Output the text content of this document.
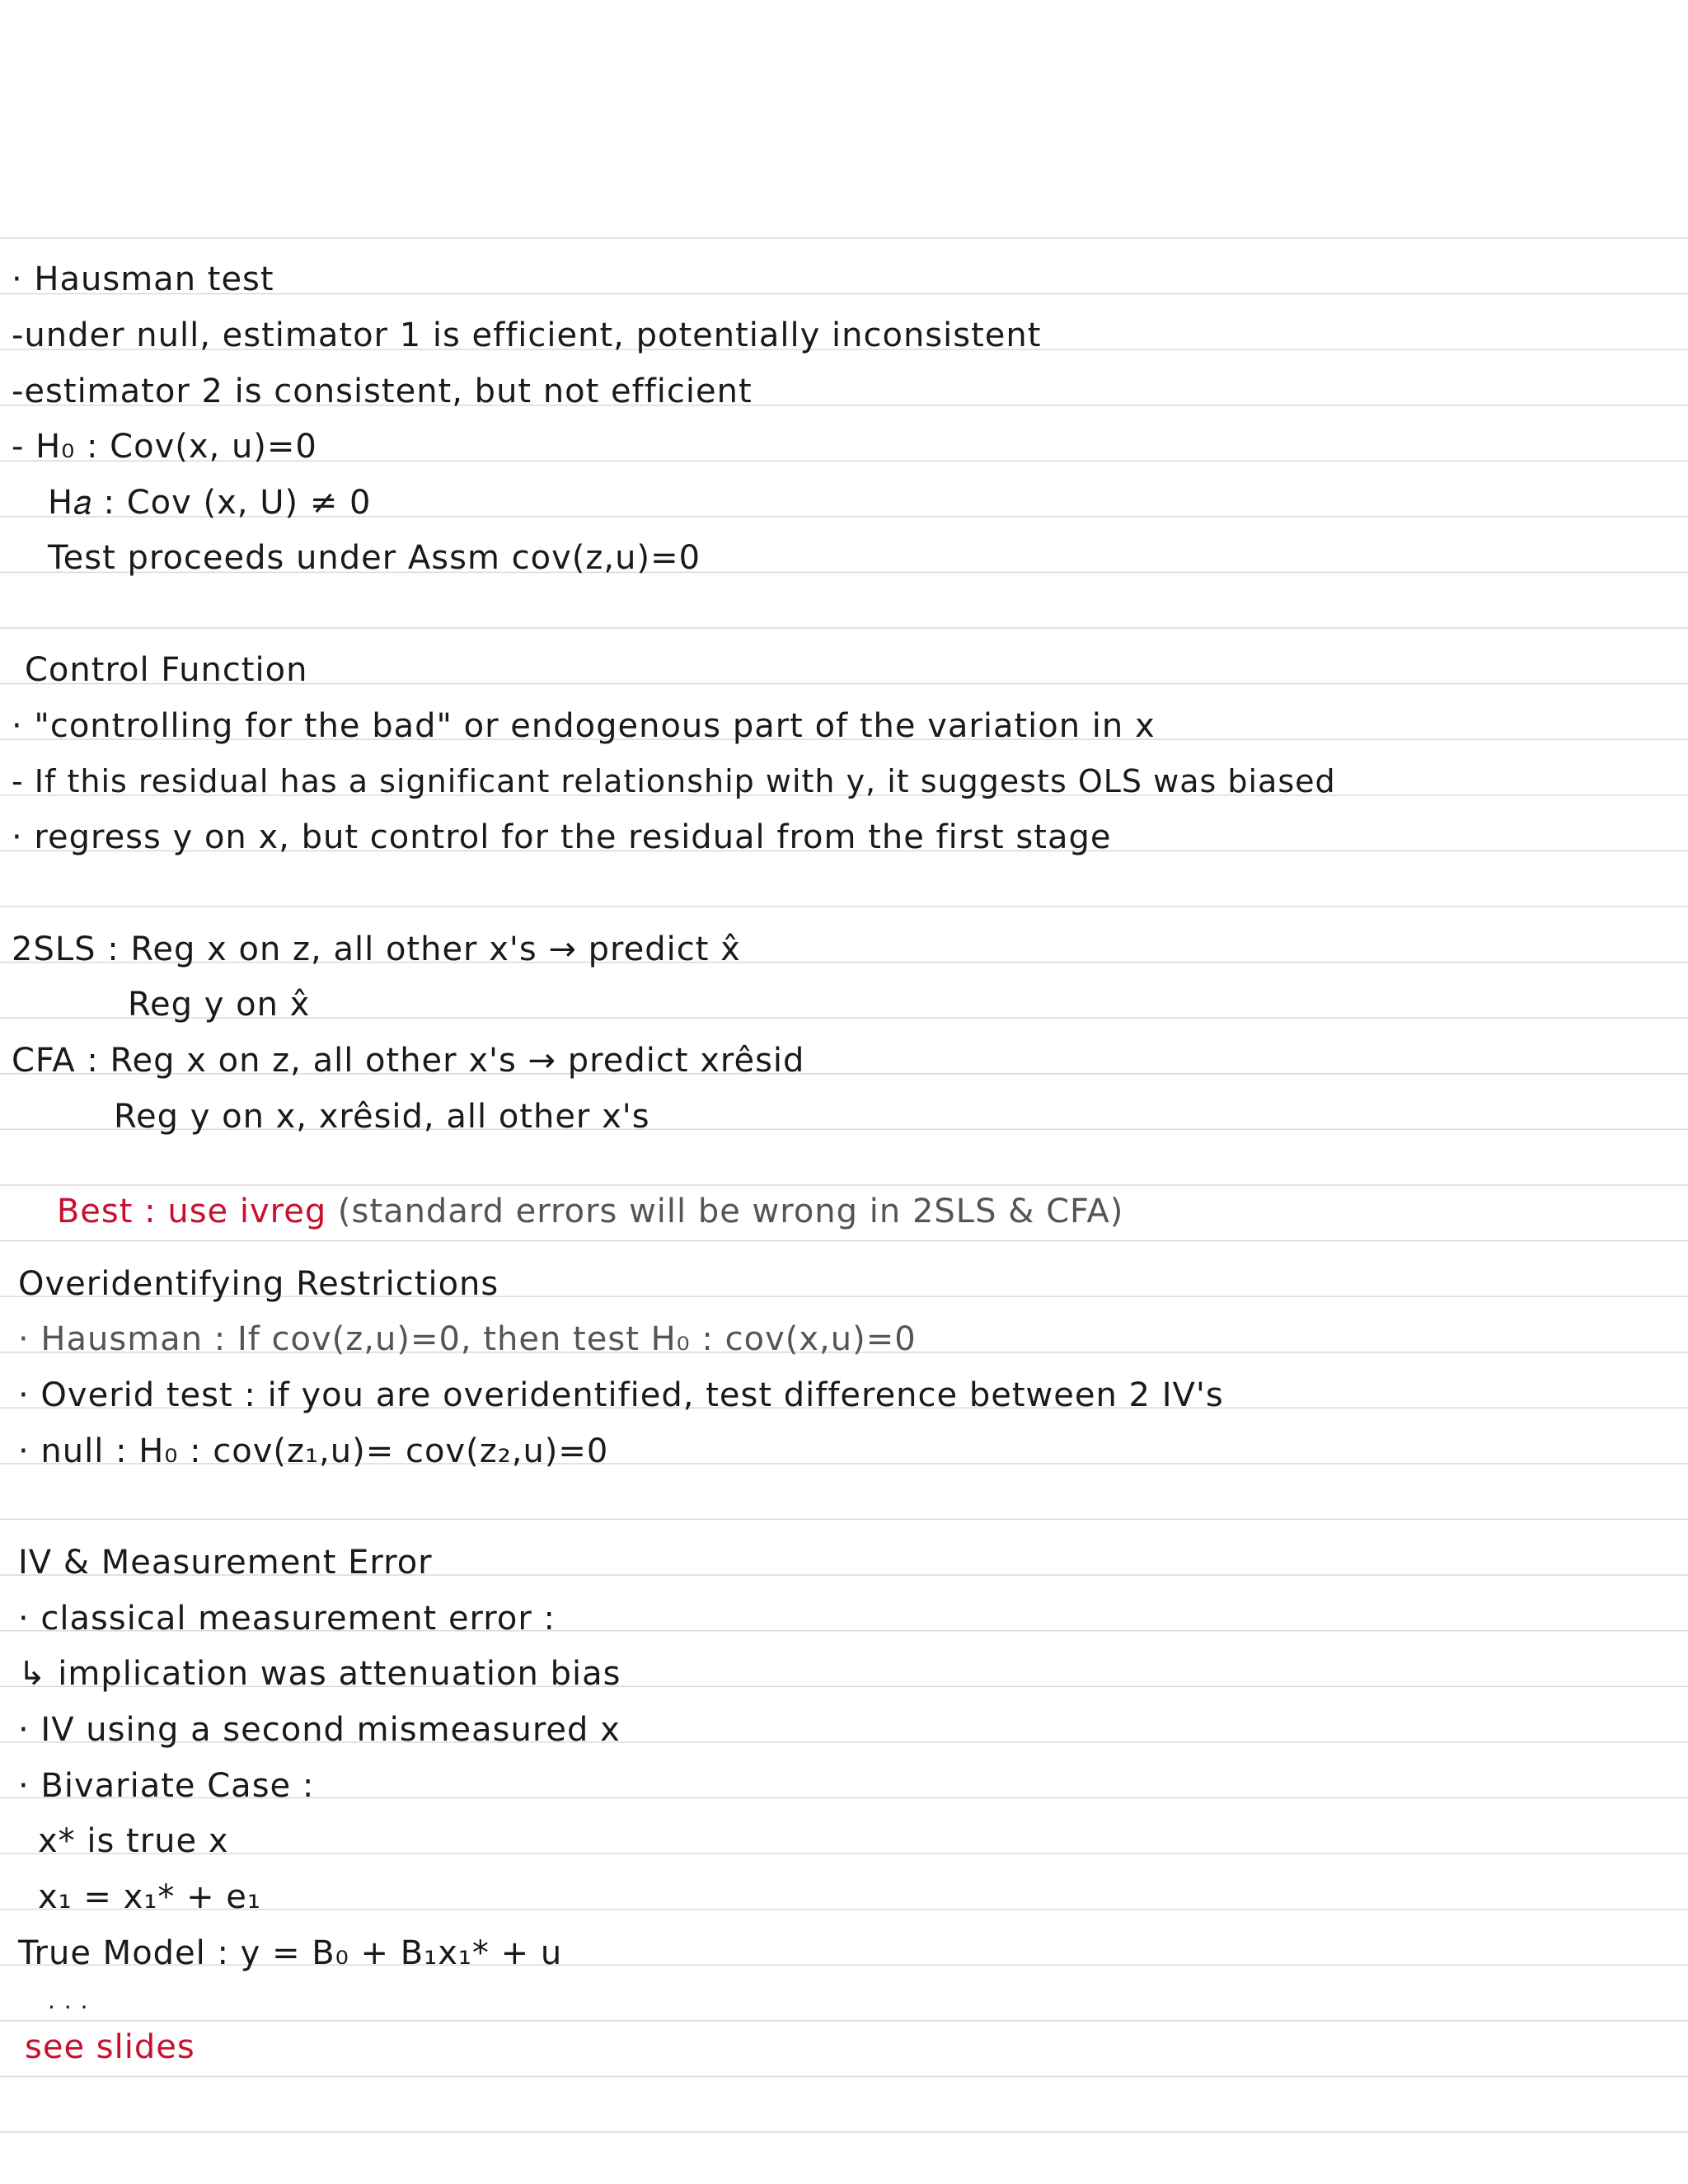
· Hausman test
-under null, estimator 1 is efficient, potentially inconsistent
-estimator 2 is consistent, but not efficient
- H₀ : Cov(x, u)=0
H𝑎 : Cov (x, U) ≠ 0
Test proceeds under Assm cov(z,u)=0
Control Function
· "controlling for the bad" or endogenous part of the variation in x
- If this residual has a significant relationship with y, it suggests OLS was biased
· regress y on x, but control for the residual from the first stage
2SLS : Reg x on z, all other x's → predict x̂
Reg y on x̂
CFA : Reg x on z, all other x's → predict xrêsid
Reg y on x, xrêsid, all other x's

Best : use ivreg (standard errors will be wrong in 2SLS & CFA)

Overidentifying Restrictions
· Hausman : If cov(z,u)=0, then test H₀ : cov(x,u)=0
· Overid test : if you are overidentified, test difference between 2 IV's
· null : H₀ : cov(z₁,u)= cov(z₂,u)=0
IV & Measurement Error
· classical measurement error :
↳ implication was attenuation bias
· IV using a second mismeasured x
· Bivariate Case :
x* is true x
x₁ = x₁* + e₁
True Model : y = B₀ + B₁x₁* + u
. . .
see slides
